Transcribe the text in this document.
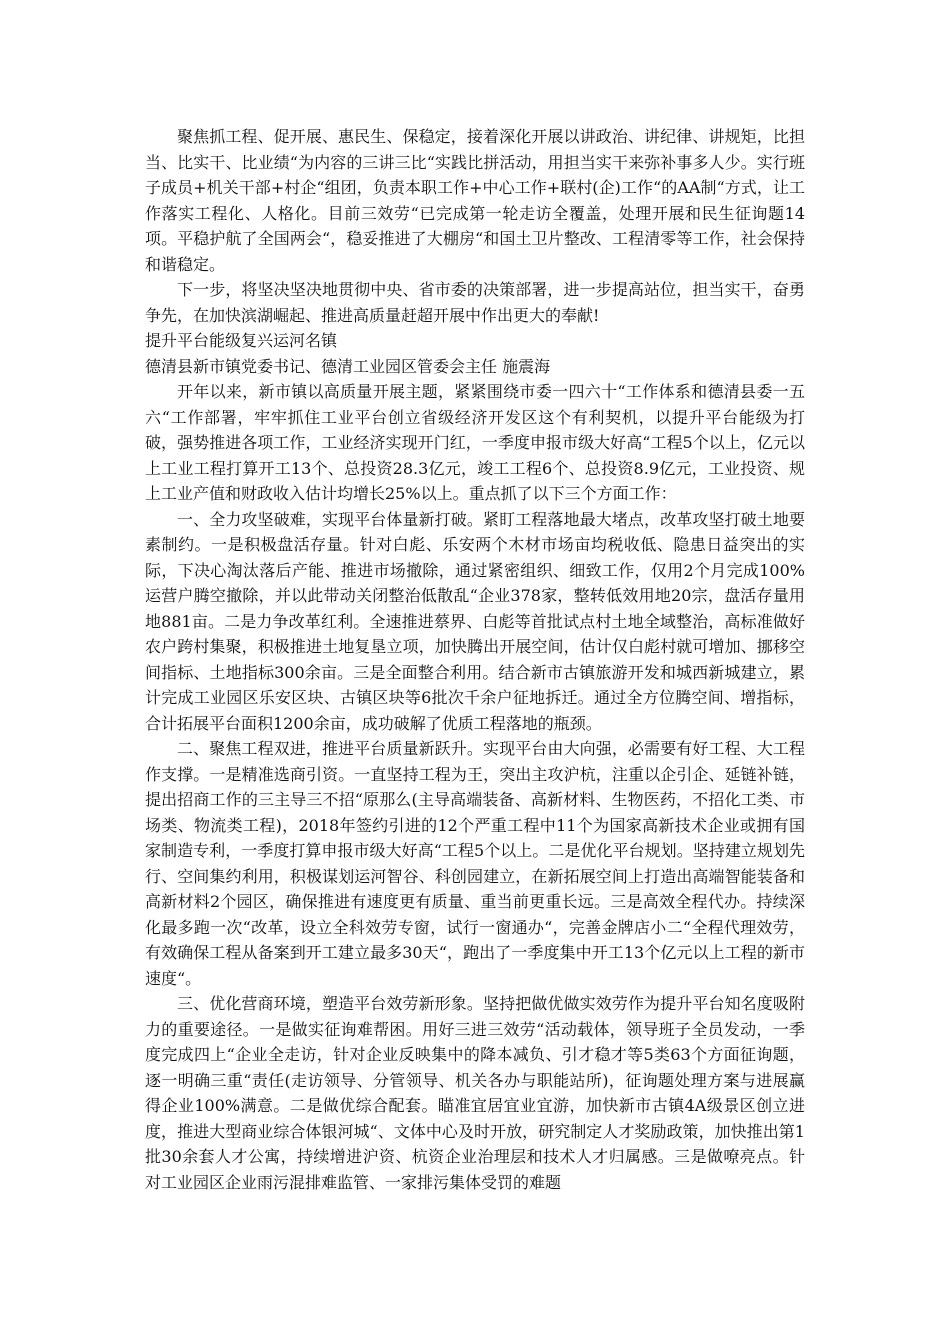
聚焦抓工程、促开展、惠民生、保稳定，接着深化开展以讲政治、讲纪律、讲规矩，比担当、比实干、比业绩“为内容的三讲三比“实践比拼活动，用担当实干来弥补事多人少。实行班子成员+机关干部+村企“组团，负责本职工作+中心工作+联村(企)工作“的AA制“方式，让工作落实工程化、人格化。目前三效劳“已完成第一轮走访全覆盖，处理开展和民生征询题14项。平稳护航了全国两会“，稳妥推进了大棚房“和国土卫片整改、工程清零等工作，社会保持和谐稳定。

下一步，将坚决坚决地贯彻中央、省市委的决策部署，进一步提高站位，担当实干，奋勇争先，在加快滨湖崛起、推进高质量赶超开展中作出更大的奉献!

提升平台能级复兴运河名镇

德清县新市镇党委书记、德清工业园区管委会主任 施震海

开年以来，新市镇以高质量开展主题，紧紧围绕市委一四六十“工作体系和德清县委一五六“工作部署，牢牢抓住工业平台创立省级经济开发区这个有利契机，以提升平台能级为打破，强势推进各项工作，工业经济实现开门红，一季度申报市级大好高“工程5个以上，亿元以上工业工程打算开工13个、总投资28.3亿元，竣工工程6个、总投资8.9亿元，工业投资、规上工业产值和财政收入估计均增长25%以上。重点抓了以下三个方面工作：

一、全力攻坚破难，实现平台体量新打破。紧盯工程落地最大堵点，改革攻坚打破土地要素制约。一是积极盘活存量。针对白彪、乐安两个木材市场亩均税收低、隐患日益突出的实际，下决心淘汰落后产能、推进市场撤除，通过紧密组织、细致工作，仅用2个月完成100%运营户腾空撤除，并以此带动关闭整治低散乱“企业378家，整转低效用地20宗，盘活存量用地881亩。二是力争改革红利。全速推进蔡界、白彪等首批试点村土地全域整治，高标准做好农户跨村集聚，积极推进土地复垦立项，加快腾出开展空间，估计仅白彪村就可增加、挪移空间指标、土地指标300余亩。三是全面整合利用。结合新市古镇旅游开发和城西新城建立，累计完成工业园区乐安区块、古镇区块等6批次千余户征地拆迁。通过全方位腾空间、增指标，合计拓展平台面积1200余亩，成功破解了优质工程落地的瓶颈。

二、聚焦工程双进，推进平台质量新跃升。实现平台由大向强，必需要有好工程、大工程作支撑。一是精准选商引资。一直坚持工程为王，突出主攻沪杭，注重以企引企、延链补链，提出招商工作的三主导三不招“原那么(主导高端装备、高新材料、生物医药，不招化工类、市场类、物流类工程)，2018年签约引进的12个严重工程中11个为国家高新技术企业或拥有国家制造专利，一季度打算申报市级大好高“工程5个以上。二是优化平台规划。坚持建立规划先行、空间集约利用，积极谋划运河智谷、科创园建立，在新拓展空间上打造出高端智能装备和高新材料2个园区，确保推进有速度更有质量、重当前更重长远。三是高效全程代办。持续深化最多跑一次“改革，设立全科效劳专窗，试行一窗通办“，完善金牌店小二“全程代理效劳，有效确保工程从备案到开工建立最多30天“，跑出了一季度集中开工13个亿元以上工程的新市速度“。

三、优化营商环境，塑造平台效劳新形象。坚持把做优做实效劳作为提升平台知名度吸附力的重要途径。一是做实征询难帮困。用好三进三效劳“活动载体，领导班子全员发动，一季度完成四上“企业全走访，针对企业反映集中的降本减负、引才稳才等5类63个方面征询题，逐一明确三重“责任(走访领导、分管领导、机关各办与职能站所)，征询题处理方案与进展赢得企业100%满意。二是做优综合配套。瞄准宜居宜业宜游，加快新市古镇4A级景区创立进度，推进大型商业综合体银河城“、文体中心及时开放，研究制定人才奖励政策，加快推出第1批30余套人才公寓，持续增进沪资、杭资企业治理层和技术人才归属感。三是做嘹亮点。针对工业园区企业雨污混排难监管、一家排污集体受罚的难题
